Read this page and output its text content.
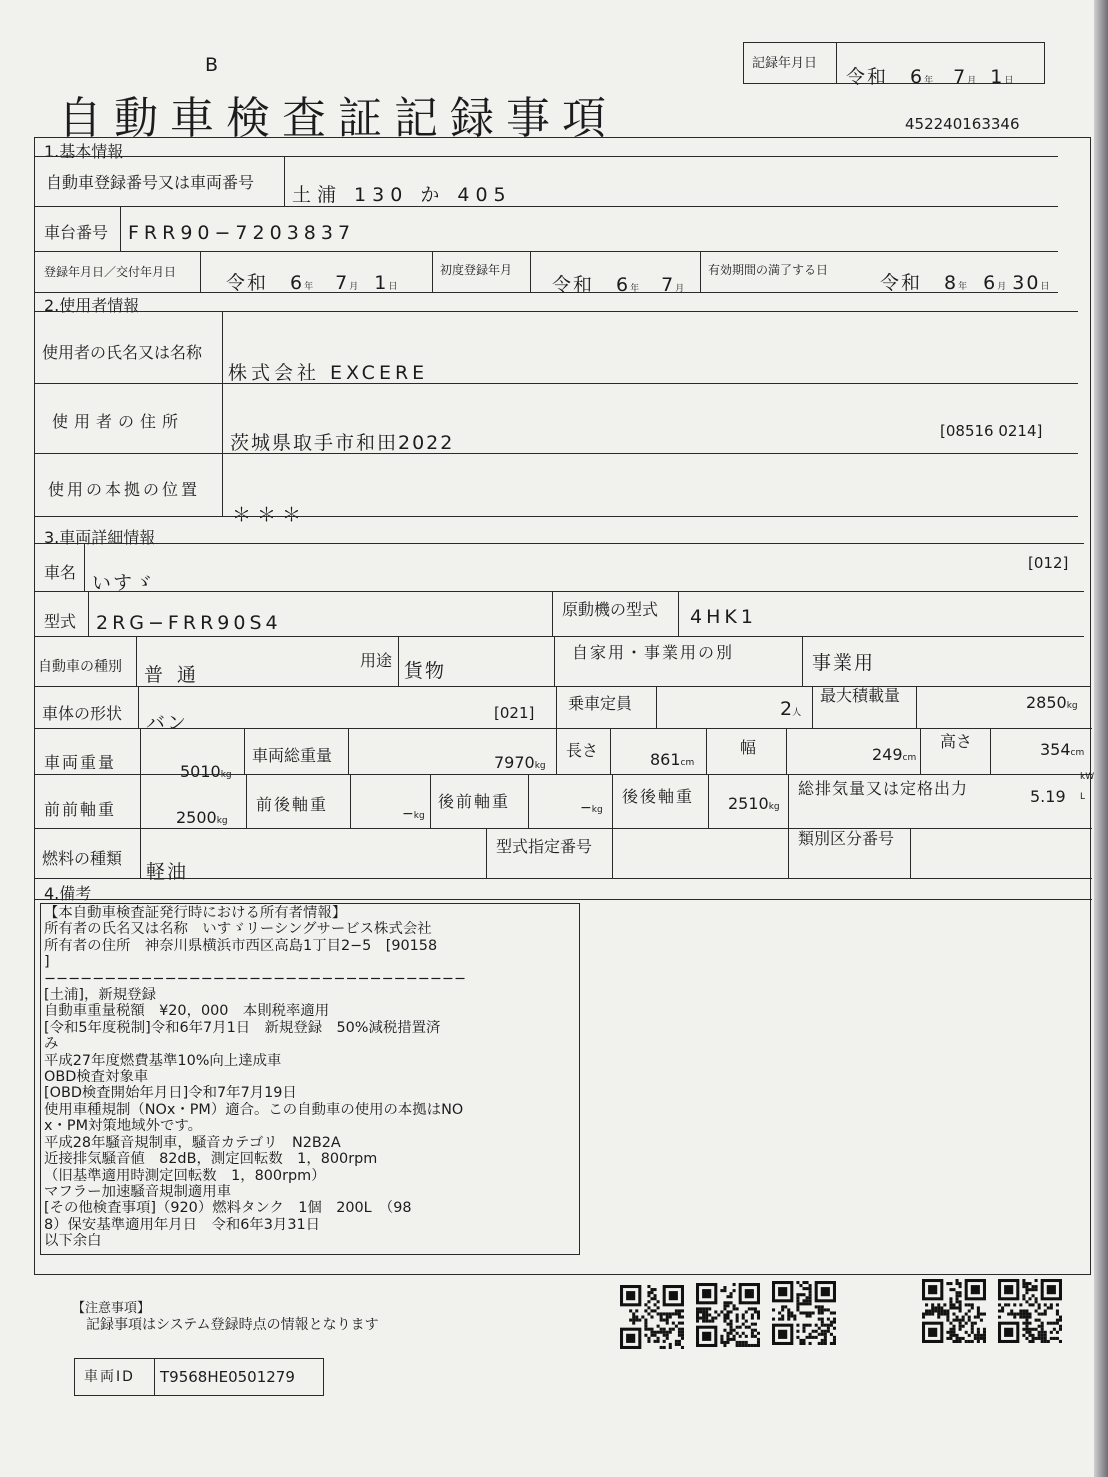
B
自動車検査証記録事項
記録年月日
令和 6年 7月 1日
452240163346
1.基本情報
自動車登録番号又は車両番号
土浦 130 か 405
車台番号 FRR90−7203837
登録年月日／交付年月日	令和 6年 7月 1日
初度登録年月
令和 6年 7月
有効期間の満了する日
令和 8年 6月 30日
2.使用者情報
使用者の氏名又は名称
株式会社 EXCERE
使用者の住所
茨城県取手市和田2022
[08516 0214]
使用の本拠の位置
＊＊＊
3.車両詳細情報
車名 いすゞ
[012]
型式 2RG−FRR90S4
原動機の型式 4HK1
自動車の種別 普通
用途 貨物
自家用・事業用の別	事業用
車体の形状 バン	[021] 乗車定員	2人
最大積載量	2850kg
車両重量	5010kg
車両総重量	7970kg
長さ	861cm
幅	249cm
高さ	354cm
前前軸重	2500kg
前後軸重	−kg
後前軸重	−kg
後後軸重 2510kg
総排気量又は定格出力	5.19
kW

L
燃料の種類
軽油
型式指定番号	類別区分番号
4.備考
【本自動車検査証発行時における所有者情報】
所有者の氏名又は名称　いすゞリーシングサービス株式会社
所有者の住所　神奈川県横浜市西区高島1丁目2−5　[90158
]
−−−−−−−−−−−−−−−−−−−−−−−−−−−−−−−−−−−
[土浦]，新規登録
自動車重量税額　¥20，000　本則税率適用
[令和5年度税制]令和6年7月1日　新規登録　50%減税措置済
み
平成27年度燃費基準10%向上達成車
OBD検査対象車
[OBD検査開始年月日]令和7年7月19日
使用車種規制（NOx・PM）適合。この自動車の使用の本拠はNO
x・PM対策地域外です。
平成28年騒音規制車，騒音カテゴリ　N2B2A
近接排気騒音値　82dB，測定回転数　1，800rpm
（旧基準適用時測定回転数　1，800rpm）
マフラー加速騒音規制適用車
[その他検査事項]（920）燃料タンク　1個　200L　（98
8）保安基準適用年月日　令和6年3月31日
以下余白
【注意事項】
記録事項はシステム登録時点の情報となります
車両ID T9568HE0501279
